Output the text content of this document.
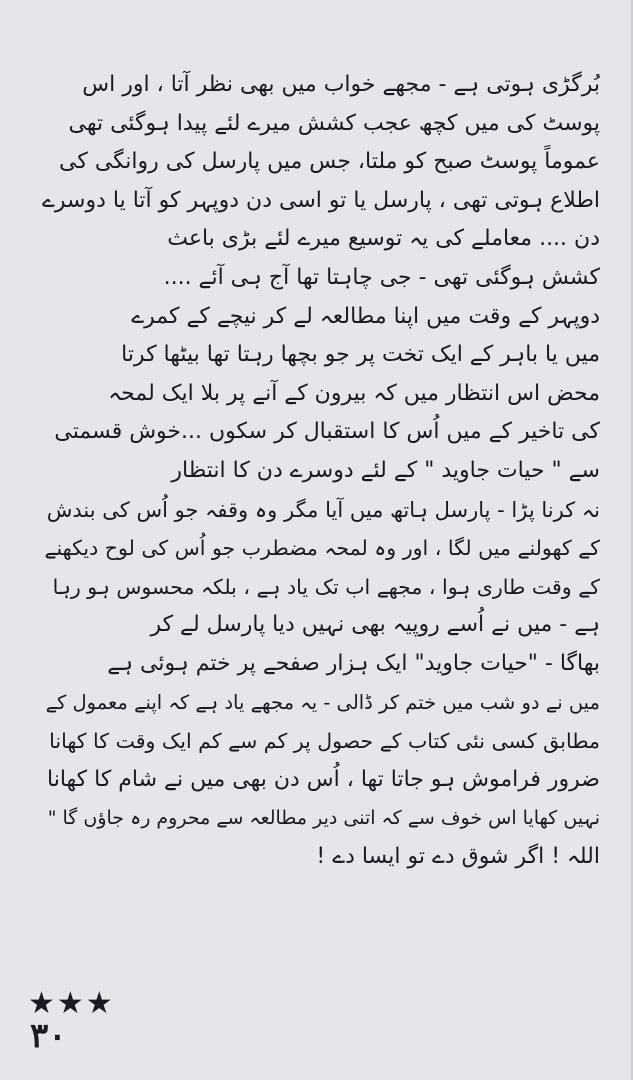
بُرگڑی ہوتی ہے - مجھے خواب میں بھی نظر آتا ، اور اس
پوسٹ کی میں کچھ عجب کشش میرے لئے پیدا ہوگئی تھی
عموماً پوسٹ صبح کو ملتا، جس میں پارسل کی روانگی کی
اطلاع ہوتی تھی ، پارسل یا تو اسی دن دوپہر کو آتا یا دوسرے
دن .... معاملے کی یہ توسیع میرے لئے بڑی باعث
کشش ہوگئی تھی - جی چاہتا تھا آج ہی آئے ....
دوپہر کے وقت میں اپنا مطالعہ لے کر نیچے کے کمرے
میں یا باہر کے ایک تخت پر جو بچھا رہتا تھا بیٹھا کرتا
محض اس انتظار میں کہ بیرون کے آنے پر بلا ایک لمحہ
کی تاخیر کے میں اُس کا استقبال کر سکوں ...خوش قسمتی
سے " حیات جاوید " کے لئے دوسرے دن کا انتظار
نہ کرنا پڑا - پارسل ہاتھ میں آیا مگر وہ وقفہ جو اُس کی بندش
کے کھولنے میں لگا ، اور وہ لمحہ مضطرب جو اُس کی لوح دیکھنے
کے وقت طاری ہوا ، مجھے اب تک یاد ہے ، بلکہ محسوس ہو رہا
ہے - میں نے اُسے روپیہ بھی نہیں دیا پارسل لے کر
بھاگا - "حیات جاوید" ایک ہزار صفحے پر ختم ہوئی ہے
میں نے دو شب میں ختم کر ڈالی - یہ مجھے یاد ہے کہ اپنے معمول کے
مطابق کسی نئی کتاب کے حصول پر کم سے کم ایک وقت کا کھانا
ضرور فراموش ہو جاتا تھا ، اُس دن بھی میں نے شام کا کھانا
نہیں کھایا اس خوف سے کہ اتنی دیر مطالعہ سے محروم رہ جاؤں گا "
اللہ ! اگر شوق دے تو ایسا دے !
★★★
۳۰
